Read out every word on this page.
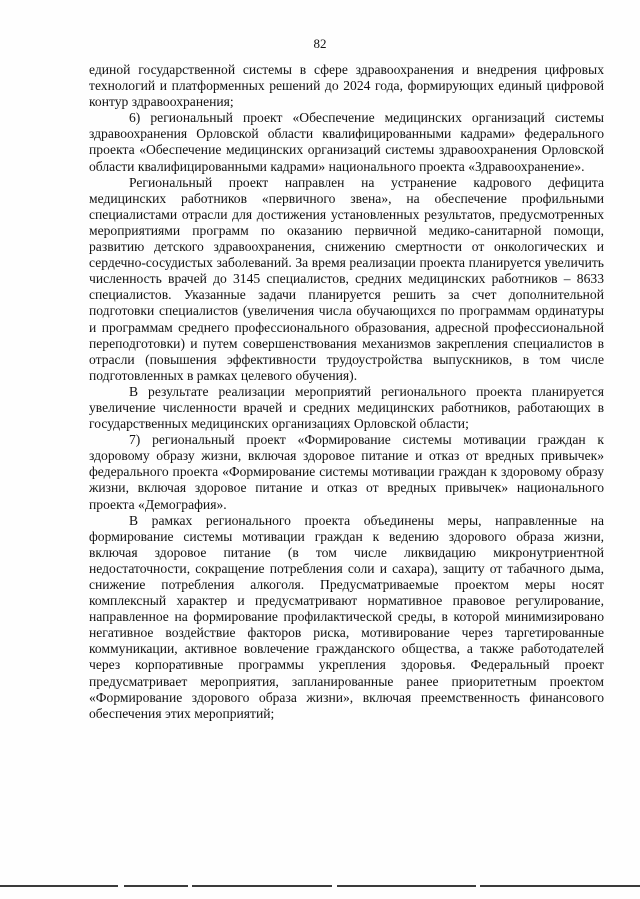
82

единой государственной системы в сфере здравоохранения и внедрения цифровых технологий и платформенных решений до 2024 года, формирующих единый цифровой контур здравоохранения;

6) региональный проект «Обеспечение медицинских организаций системы здравоохранения Орловской области квалифицированными кадрами» федерального проекта «Обеспечение медицинских организаций системы здравоохранения Орловской области квалифицированными кадрами» национального проекта «Здравоохранение».

Региональный проект направлен на устранение кадрового дефицита медицинских работников «первичного звена», на обеспечение профильными специалистами отрасли для достижения установленных результатов, предусмотренных мероприятиями программ по оказанию первичной медико-санитарной помощи, развитию детского здравоохранения, снижению смертности от онкологических и сердечно-сосудистых заболеваний. За время реализации проекта планируется увеличить численность врачей до 3145 специалистов, средних медицинских работников – 8633 специалистов. Указанные задачи планируется решить за счет дополнительной подготовки специалистов (увеличения числа обучающихся по программам ординатуры и программам среднего профессионального образования, адресной профессиональной переподготовки) и путем совершенствования механизмов закрепления специалистов в отрасли (повышения эффективности трудоустройства выпускников, в том числе подготовленных в рамках целевого обучения).

В результате реализации мероприятий регионального проекта планируется увеличение численности врачей и средних медицинских работников, работающих в государственных медицинских организациях Орловской области;

7) региональный проект «Формирование системы мотивации граждан к здоровому образу жизни, включая здоровое питание и отказ от вредных привычек» федерального проекта «Формирование системы мотивации граждан к здоровому образу жизни, включая здоровое питание и отказ от вредных привычек» национального проекта «Демография».

В рамках регионального проекта объединены меры, направленные на формирование системы мотивации граждан к ведению здорового образа жизни, включая здоровое питание (в том числе ликвидацию микронутриентной недостаточности, сокращение потребления соли и сахара), защиту от табачного дыма, снижение потребления алкоголя. Предусматриваемые проектом меры носят комплексный характер и предусматривают нормативное правовое регулирование, направленное на формирование профилактической среды, в которой минимизировано негативное воздействие факторов риска, мотивирование через таргетированные коммуникации, активное вовлечение гражданского общества, а также работодателей через корпоративные программы укрепления здоровья. Федеральный проект предусматривает мероприятия, запланированные ранее приоритетным проектом «Формирование здорового образа жизни», включая преемственность финансового обеспечения этих мероприятий;
